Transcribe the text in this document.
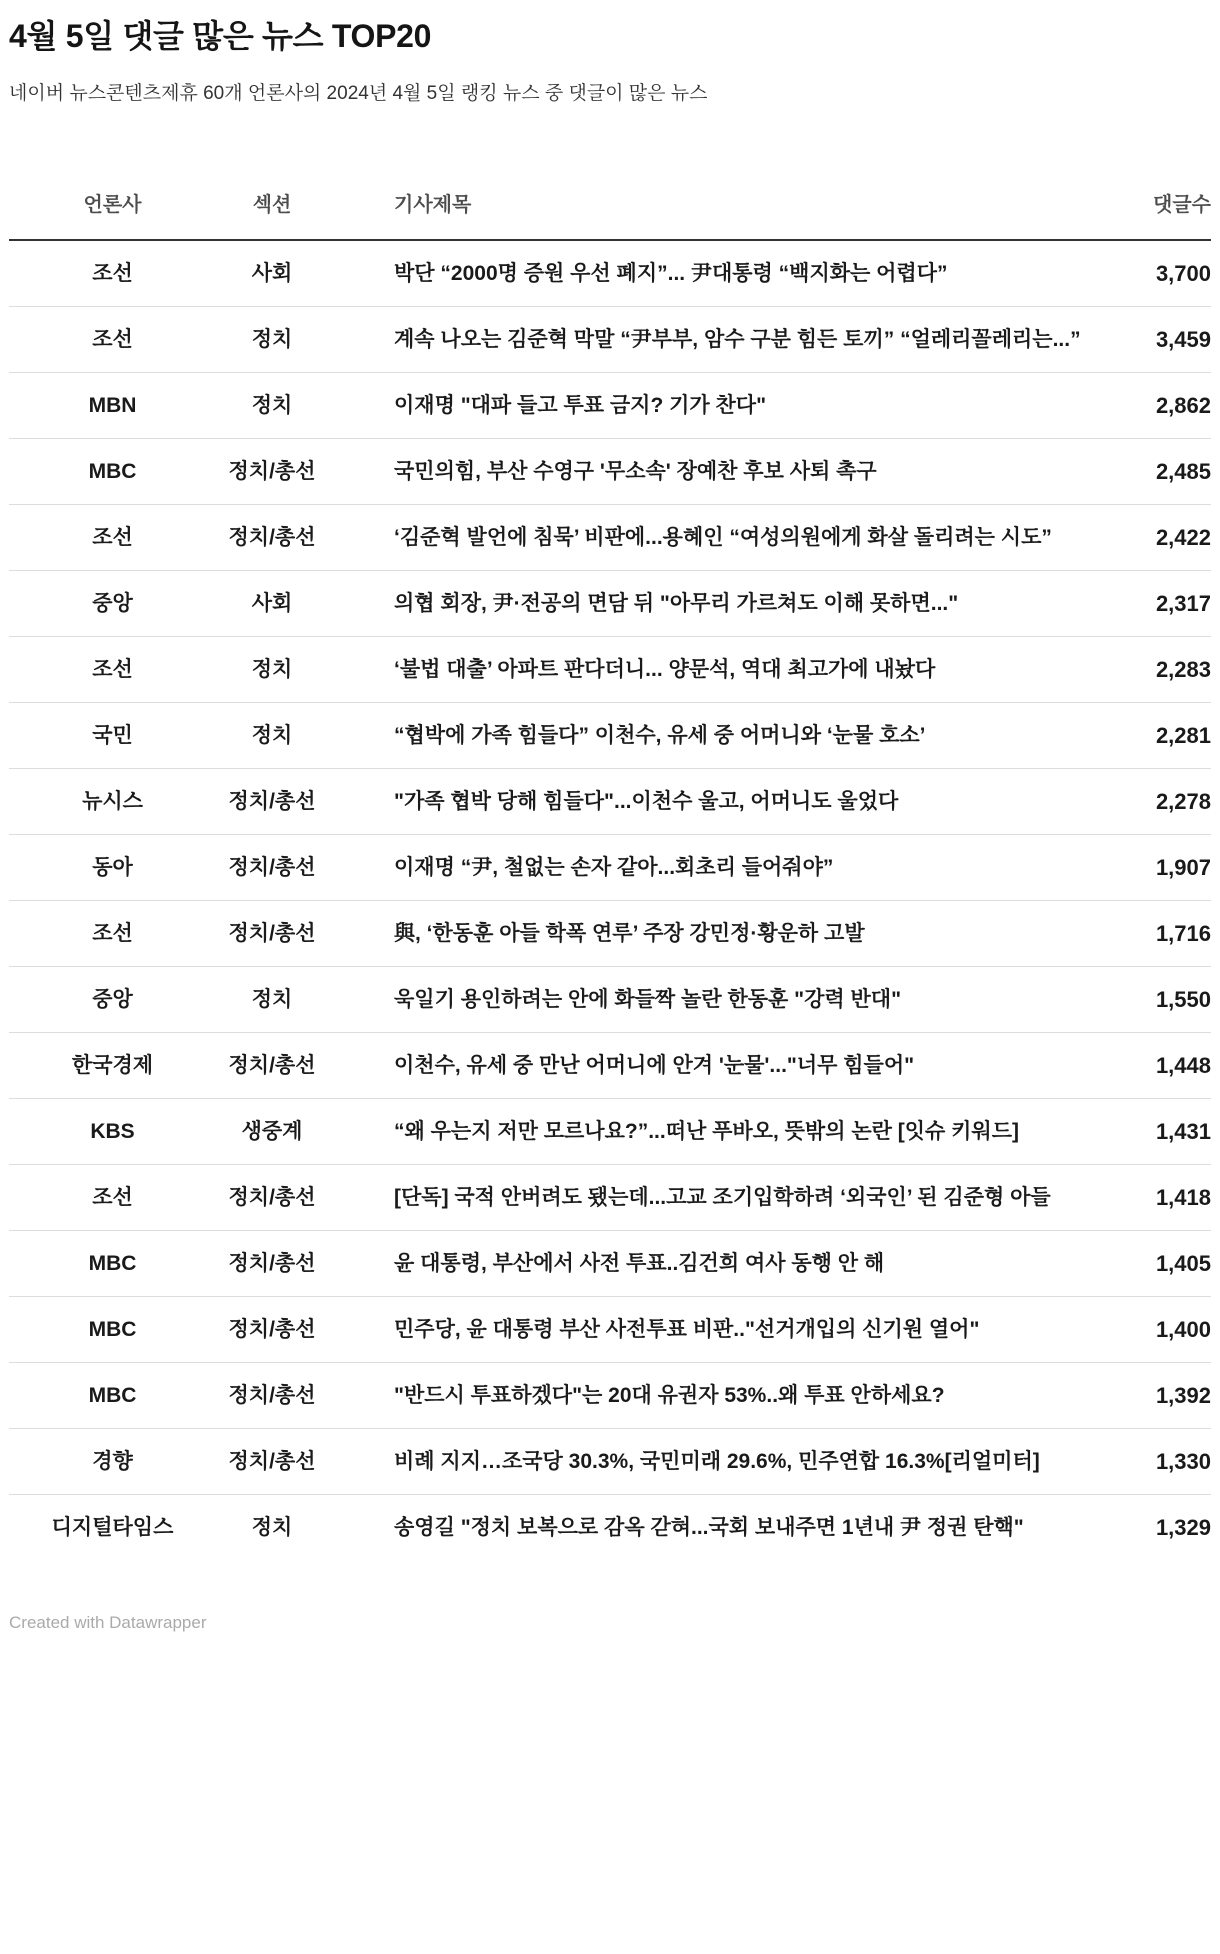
4월 5일 댓글 많은 뉴스 TOP20

네이버 뉴스콘텐츠제휴 60개 언론사의 2024년 4월 5일 랭킹 뉴스 중 댓글이 많은 뉴스

언론사	섹션	기사제목	댓글수
조선	사회	박단 “2000명 증원 우선 폐지”... 尹대통령 “백지화는 어렵다”	3,700
조선	정치	계속 나오는 김준혁 막말 “尹부부, 암수 구분 힘든 토끼” “얼레리꼴레리는...”	3,459
MBN	정치	이재명 "대파 들고 투표 금지? 기가 찬다"	2,862
MBC	정치/총선	국민의힘, 부산 수영구 '무소속' 장예찬 후보 사퇴 촉구	2,485
조선	정치/총선	‘김준혁 발언에 침묵’ 비판에...용혜인 “여성의원에게 화살 돌리려는 시도”	2,422
중앙	사회	의협 회장, 尹·전공의 면담 뒤 "아무리 가르쳐도 이해 못하면..."	2,317
조선	정치	‘불법 대출’ 아파트 판다더니... 양문석, 역대 최고가에 내놨다	2,283
국민	정치	“협박에 가족 힘들다” 이천수, 유세 중 어머니와 ‘눈물 호소’	2,281
뉴시스	정치/총선	"가족 협박 당해 힘들다"...이천수 울고, 어머니도 울었다	2,278
동아	정치/총선	이재명 “尹, 철없는 손자 같아...회초리 들어줘야”	1,907
조선	정치/총선	與, ‘한동훈 아들 학폭 연루’ 주장 강민정·황운하 고발	1,716
중앙	정치	욱일기 용인하려는 안에 화들짝 놀란 한동훈 "강력 반대"	1,550
한국경제	정치/총선	이천수, 유세 중 만난 어머니에 안겨 '눈물'..."너무 힘들어"	1,448
KBS	생중계	“왜 우는지 저만 모르나요?”...떠난 푸바오, 뜻밖의 논란 [잇슈 키워드]	1,431
조선	정치/총선	[단독] 국적 안버려도 됐는데...고교 조기입학하려 ‘외국인’ 된 김준형 아들	1,418
MBC	정치/총선	윤 대통령, 부산에서 사전 투표..김건희 여사 동행 안 해	1,405
MBC	정치/총선	민주당, 윤 대통령 부산 사전투표 비판.."선거개입의 신기원 열어"	1,400
MBC	정치/총선	"반드시 투표하겠다"는 20대 유권자 53%..왜 투표 안하세요?	1,392
경향	정치/총선	비례 지지…조국당 30.3%, 국민미래 29.6%, 민주연합 16.3%[리얼미터]	1,330
디지털타임스	정치	송영길 "정치 보복으로 감옥 갇혀...국회 보내주면 1년내 尹 정권 탄핵"	1,329
Created with Datawrapper
